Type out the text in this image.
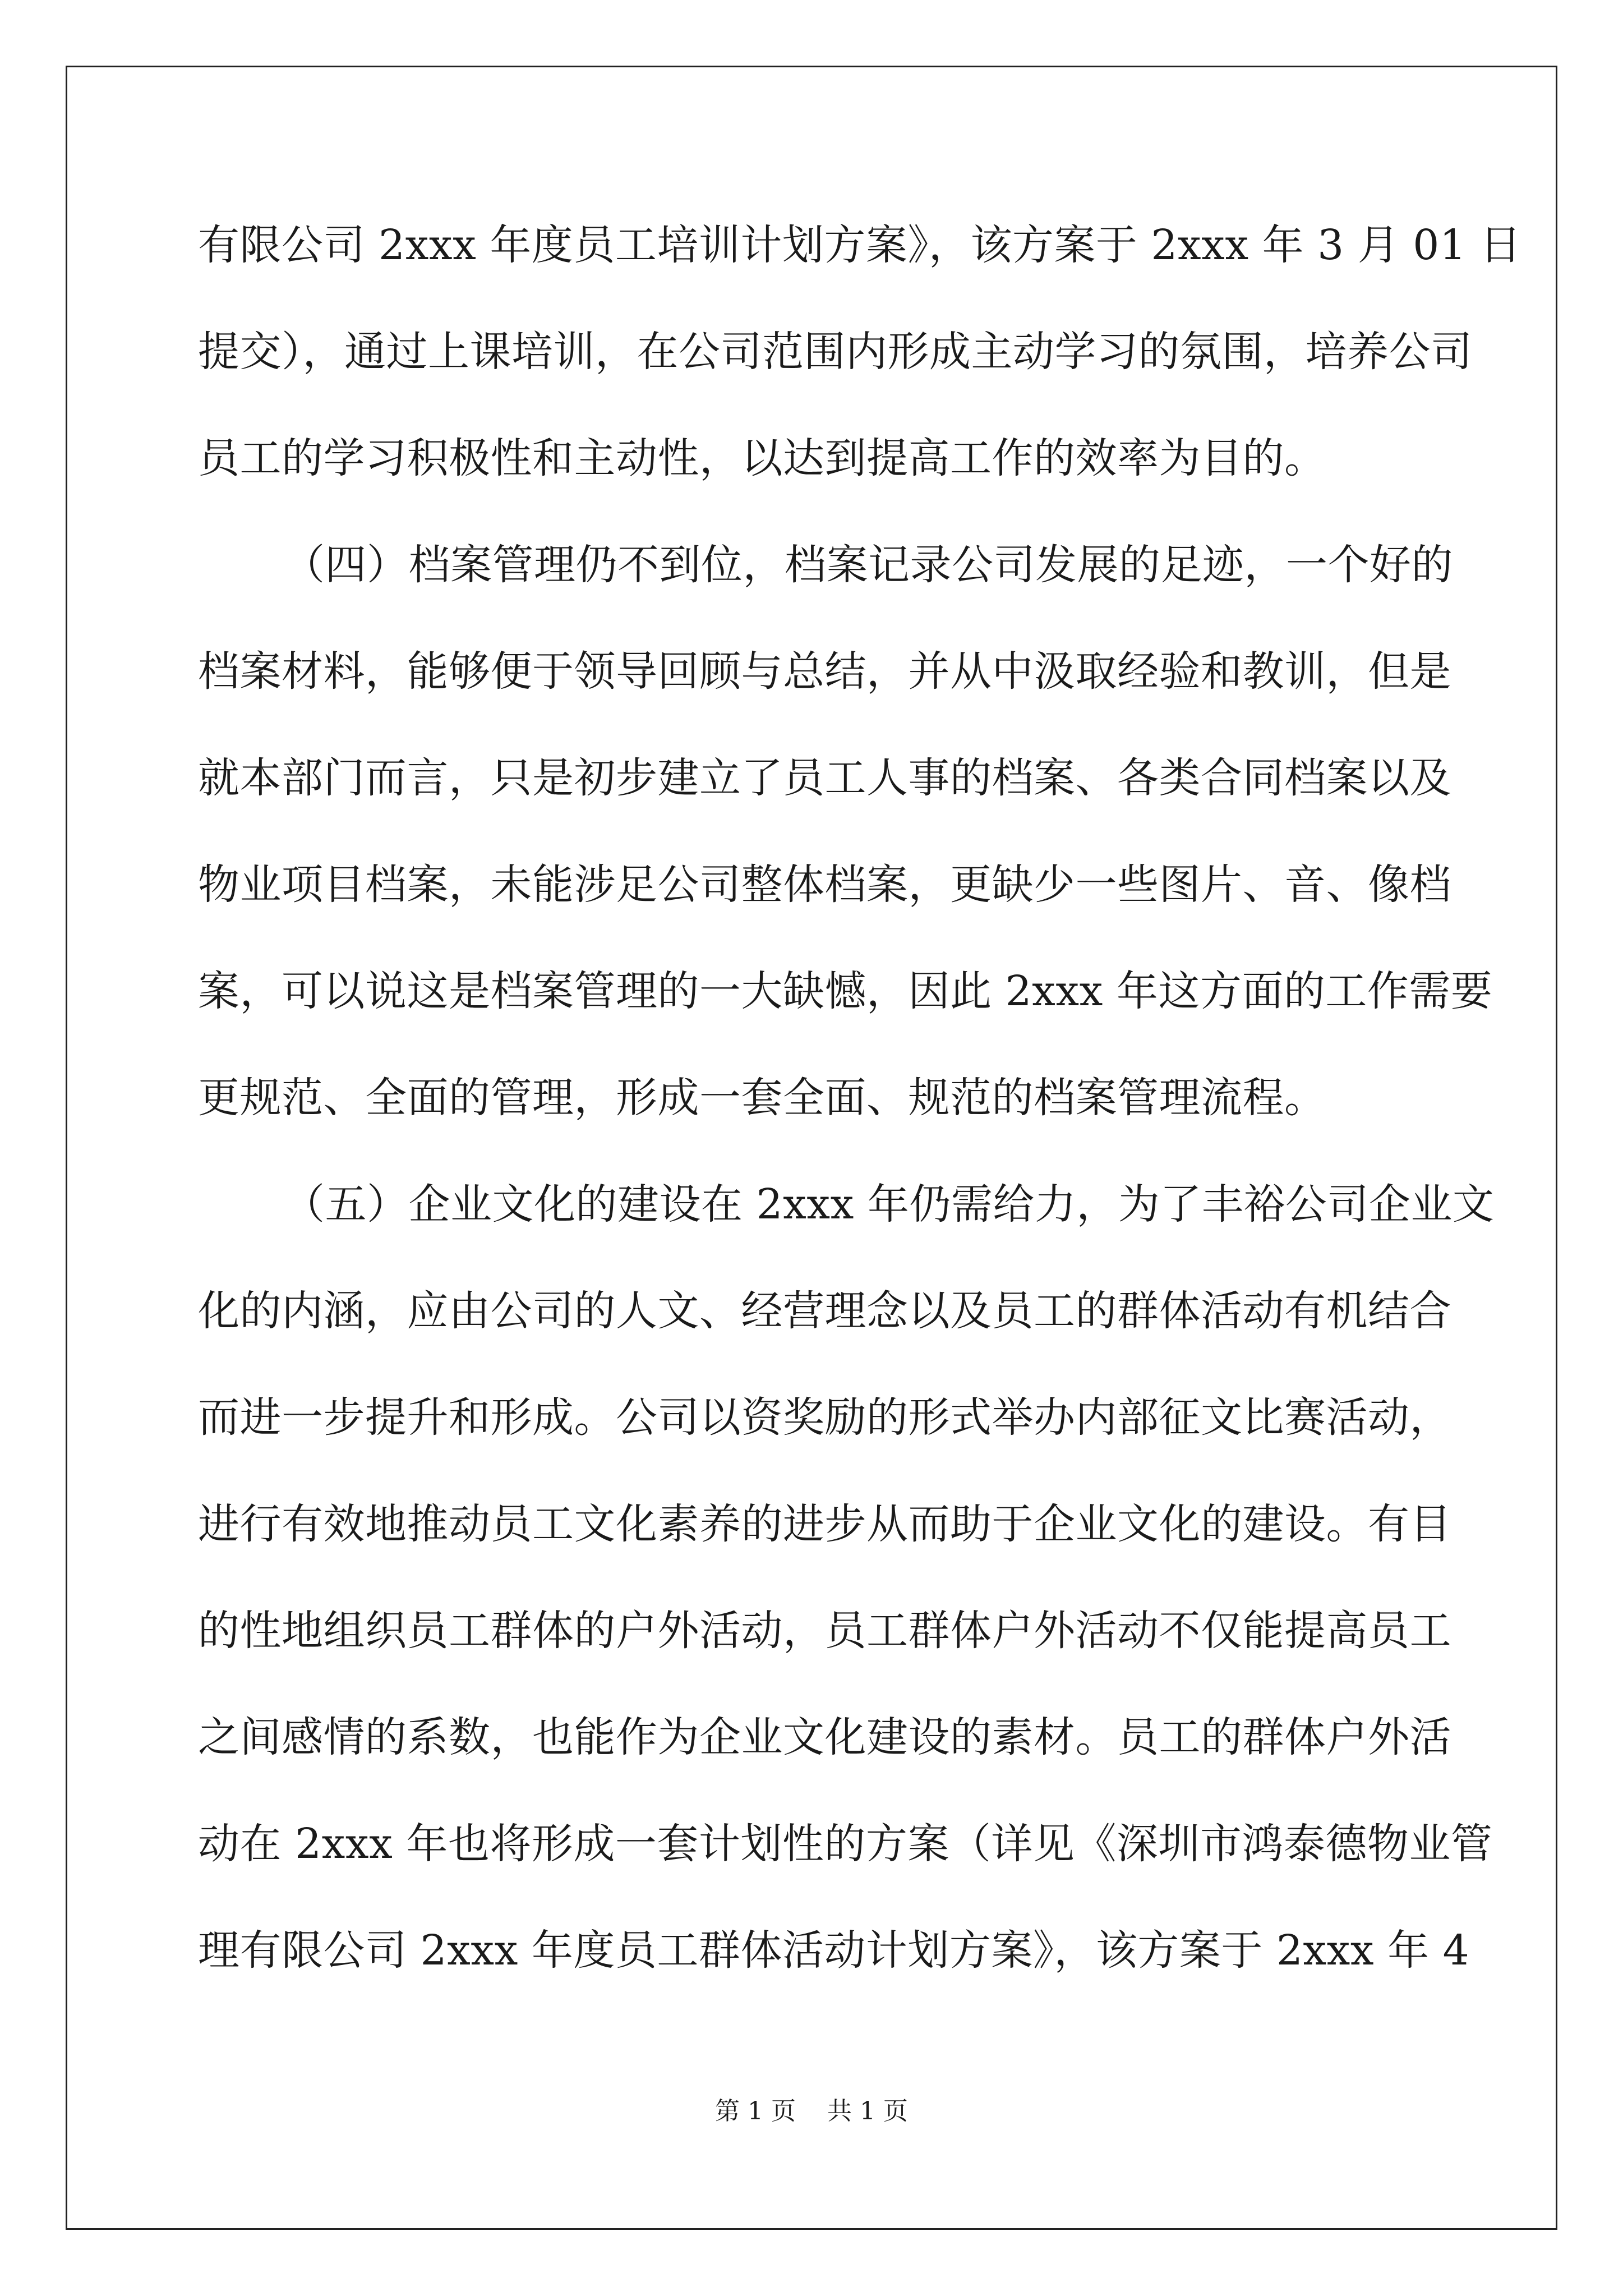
有限公司 2xxx 年度员工培训计划方案》，该方案于 2xxx 年 3 月 01 日
提交），通过上课培训，在公司范围内形成主动学习的氛围，培养公司
员工的学习积极性和主动性，以达到提高工作的效率为目的。
（四）档案管理仍不到位，档案记录公司发展的足迹，一个好的
档案材料，能够便于领导回顾与总结，并从中汲取经验和教训，但是
就本部门而言，只是初步建立了员工人事的档案、各类合同档案以及
物业项目档案，未能涉足公司整体档案，更缺少一些图片、音、像档
案，可以说这是档案管理的一大缺憾，因此 2xxx 年这方面的工作需要
更规范、全面的管理，形成一套全面、规范的档案管理流程。
（五）企业文化的建设在 2xxx 年仍需给力，为了丰裕公司企业文
化的内涵，应由公司的人文、经营理念以及员工的群体活动有机结合
而进一步提升和形成。公司以资奖励的形式举办内部征文比赛活动，
进行有效地推动员工文化素养的进步从而助于企业文化的建设。有目
的性地组织员工群体的户外活动，员工群体户外活动不仅能提高员工
之间感情的系数，也能作为企业文化建设的素材。员工的群体户外活
动在 2xxx 年也将形成一套计划性的方案（详见《深圳市鸿泰德物业管
理有限公司 2xxx 年度员工群体活动计划方案》，该方案于 2xxx 年 4
第 1 页    共 1 页
